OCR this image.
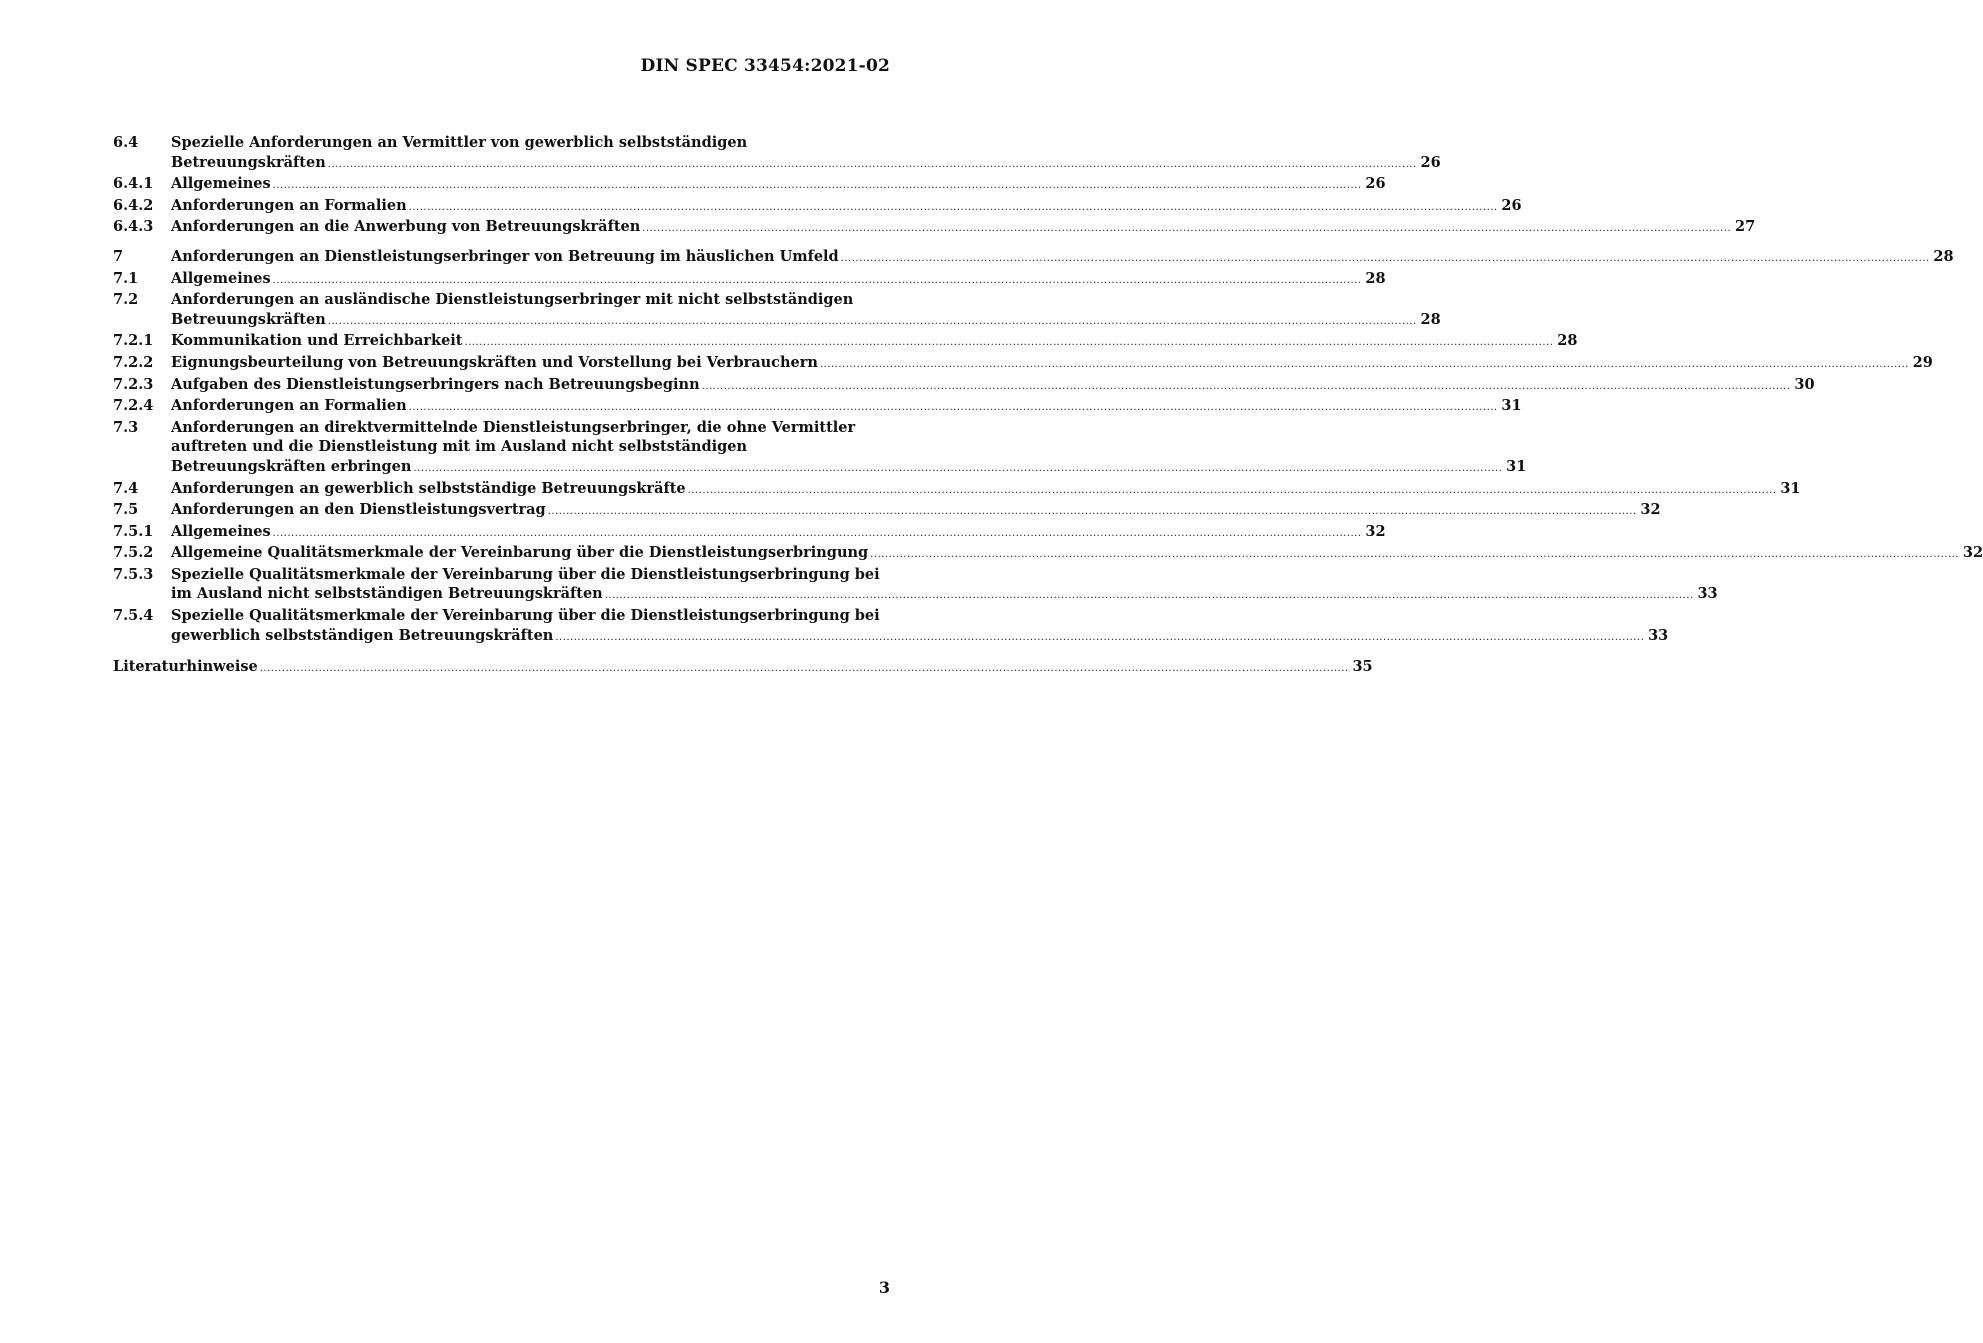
DIN SPEC 33454:2021-02
6.4	Spezielle Anforderungen an Vermittler von gewerblich selbstständigen
Betreuungskräften .....	26
6.4.1	Allgemeines .....	26
6.4.2	Anforderungen an Formalien .....	26
6.4.3	Anforderungen an die Anwerbung von Betreuungskräften .....	27
7	Anforderungen an Dienstleistungserbringer von Betreuung im häuslichen Umfeld .....	28
7.1	Allgemeines .....	28
7.2	Anforderungen an ausländische Dienstleistungserbringer mit nicht selbstständigen
Betreuungskräften .....	28
7.2.1	Kommunikation und Erreichbarkeit .....	28
7.2.2	Eignungsbeurteilung von Betreuungskräften und Vorstellung bei Verbrauchern .....	29
7.2.3	Aufgaben des Dienstleistungserbringers nach Betreuungsbeginn .....	30
7.2.4	Anforderungen an Formalien .....	31
7.3	Anforderungen an direktvermittelnde Dienstleistungserbringer, die ohne Vermittler
auftreten und die Dienstleistung mit im Ausland nicht selbstständigen
Betreuungskräften erbringen .....	31
7.4	Anforderungen an gewerblich selbstständige Betreuungskräfte .....	31
7.5	Anforderungen an den Dienstleistungsvertrag .....	32
7.5.1	Allgemeines .....	32
7.5.2	Allgemeine Qualitätsmerkmale der Vereinbarung über die Dienstleistungserbringung .....	32
7.5.3	Spezielle Qualitätsmerkmale der Vereinbarung über die Dienstleistungserbringung bei
im Ausland nicht selbstständigen Betreuungskräften .....	33
7.5.4	Spezielle Qualitätsmerkmale der Vereinbarung über die Dienstleistungserbringung bei
gewerblich selbstständigen Betreuungskräften .....	33
Literaturhinweise .....	35
3
